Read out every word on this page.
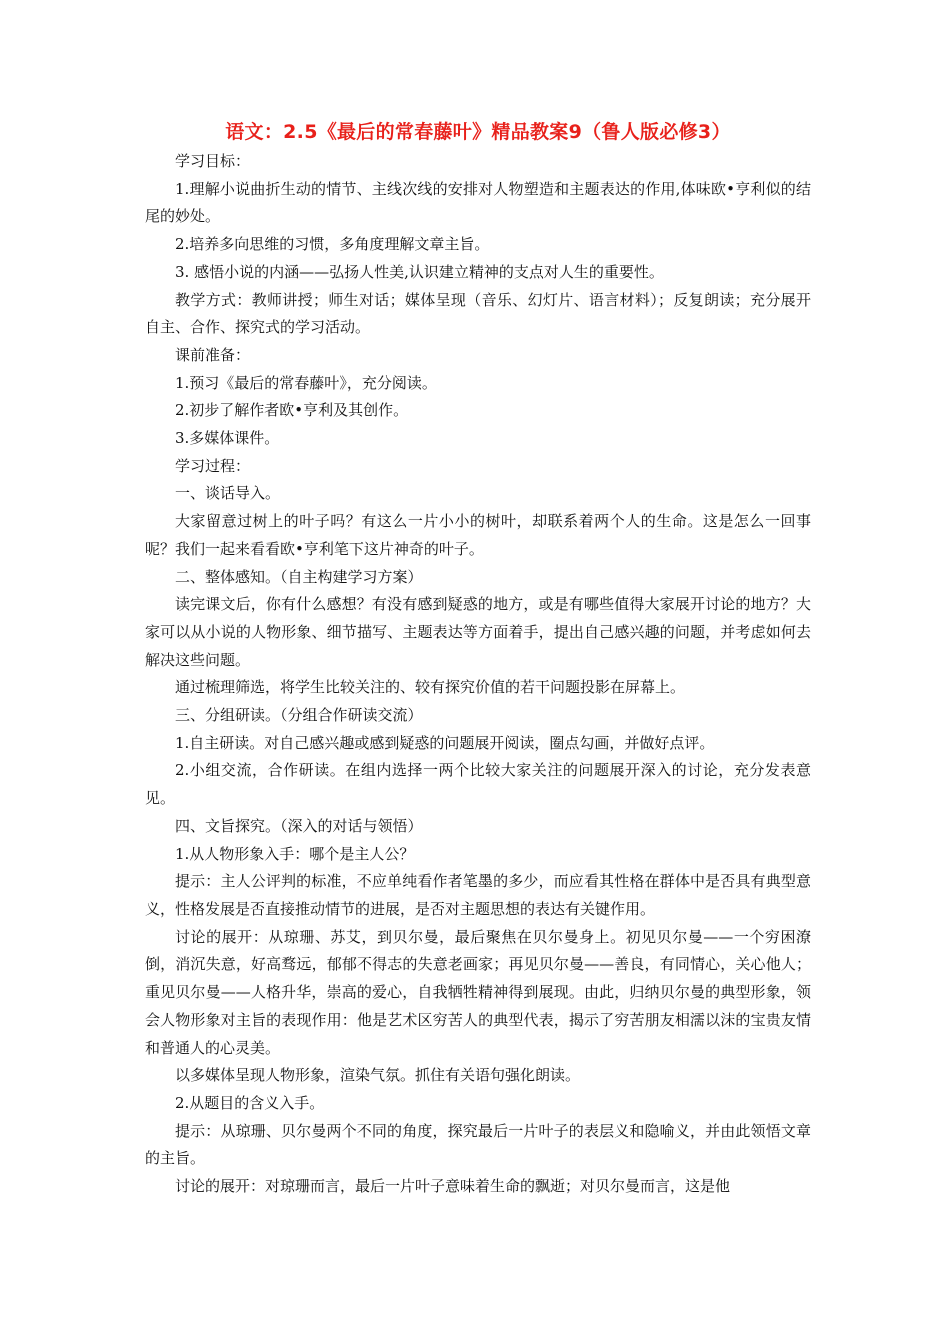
语文：2.5《最后的常春藤叶》精品教案9（鲁人版必修3）

学习目标：

1.理解小说曲折生动的情节、主线次线的安排对人物塑造和主题表达的作用,体味欧•亨利似的结尾的妙处。

2.培养多向思维的习惯，多角度理解文章主旨。

3. 感悟小说的内涵——弘扬人性美,认识建立精神的支点对人生的重要性。

教学方式：教师讲授；师生对话；媒体呈现（音乐、幻灯片、语言材料）；反复朗读；充分展开自主、合作、探究式的学习活动。

课前准备：

1.预习《最后的常春藤叶》，充分阅读。

2.初步了解作者欧•亨利及其创作。

3.多媒体课件。

学习过程：

一、谈话导入。

大家留意过树上的叶子吗？有这么一片小小的树叶，却联系着两个人的生命。这是怎么一回事呢？我们一起来看看欧•亨利笔下这片神奇的叶子。

二、整体感知。（自主构建学习方案）

读完课文后，你有什么感想？有没有感到疑惑的地方，或是有哪些值得大家展开讨论的地方？大家可以从小说的人物形象、细节描写、主题表达等方面着手，提出自己感兴趣的问题，并考虑如何去解决这些问题。

通过梳理筛选，将学生比较关注的、较有探究价值的若干问题投影在屏幕上。

三、分组研读。（分组合作研读交流）

1.自主研读。对自己感兴趣或感到疑惑的问题展开阅读，圈点勾画，并做好点评。

2.小组交流，合作研读。在组内选择一两个比较大家关注的问题展开深入的讨论，充分发表意见。

四、文旨探究。（深入的对话与领悟）

1.从人物形象入手：哪个是主人公？

提示：主人公评判的标准，不应单纯看作者笔墨的多少，而应看其性格在群体中是否具有典型意义，性格发展是否直接推动情节的进展，是否对主题思想的表达有关键作用。

讨论的展开：从琼珊、苏艾，到贝尔曼，最后聚焦在贝尔曼身上。初见贝尔曼——一个穷困潦倒，消沉失意，好高骛远，郁郁不得志的失意老画家；再见贝尔曼——善良，有同情心，关心他人；重见贝尔曼——人格升华，崇高的爱心，自我牺牲精神得到展现。由此，归纳贝尔曼的典型形象，领会人物形象对主旨的表现作用：他是艺术区穷苦人的典型代表，揭示了穷苦朋友相濡以沫的宝贵友情和普通人的心灵美。

以多媒体呈现人物形象，渲染气氛。抓住有关语句强化朗读。

2.从题目的含义入手。

提示：从琼珊、贝尔曼两个不同的角度，探究最后一片叶子的表层义和隐喻义，并由此领悟文章的主旨。

讨论的展开：对琼珊而言，最后一片叶子意味着生命的飘逝；对贝尔曼而言，这是他
